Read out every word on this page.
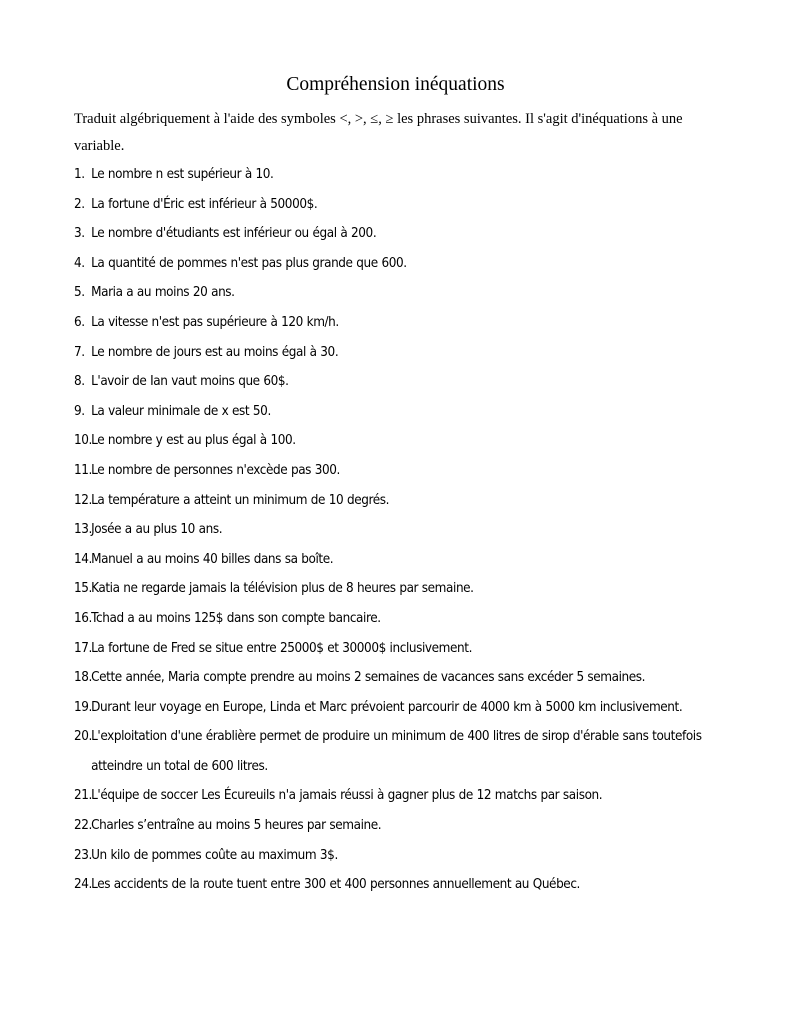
Compréhension inéquations

Traduit algébriquement à l'aide des symboles <, >, ≤, ≥ les phrases suivantes. Il s'agit d'inéquations à une variable.

1. Le nombre n est supérieur à 10.
2. La fortune d'Éric est inférieur à 50000$.
3. Le nombre d'étudiants est inférieur ou égal à 200.
4. La quantité de pommes n'est pas plus grande que 600.
5. Maria a au moins 20 ans.
6. La vitesse n'est pas supérieure à 120 km/h.
7. Le nombre de jours est au moins égal à 30.
8. L'avoir de Ian vaut moins que 60$.
9. La valeur minimale de x est 50.
10. Le nombre y est au plus égal à 100.
11. Le nombre de personnes n'excède pas 300.
12. La température a atteint un minimum de 10 degrés.
13. Josée a au plus 10 ans.
14. Manuel a au moins 40 billes dans sa boîte.
15. Katia ne regarde jamais la télévision plus de 8 heures par semaine.
16. Tchad a au moins 125$ dans son compte bancaire.
17. La fortune de Fred se situe entre 25000$ et 30000$ inclusivement.
18. Cette année, Maria compte prendre au moins 2 semaines de vacances sans excéder 5 semaines.
19. Durant leur voyage en Europe, Linda et Marc prévoient parcourir de 4000 km à 5000 km inclusivement.
20. L'exploitation d'une érablière permet de produire un minimum de 400 litres de sirop d'érable sans toutefois atteindre un total de 600 litres.
21. L'équipe de soccer Les Écureuils n'a jamais réussi à gagner plus de 12 matchs par saison.
22. Charles s’entraîne au moins 5 heures par semaine.
23. Un kilo de pommes coûte au maximum 3$.
24. Les accidents de la route tuent entre 300 et 400 personnes annuellement au Québec.
